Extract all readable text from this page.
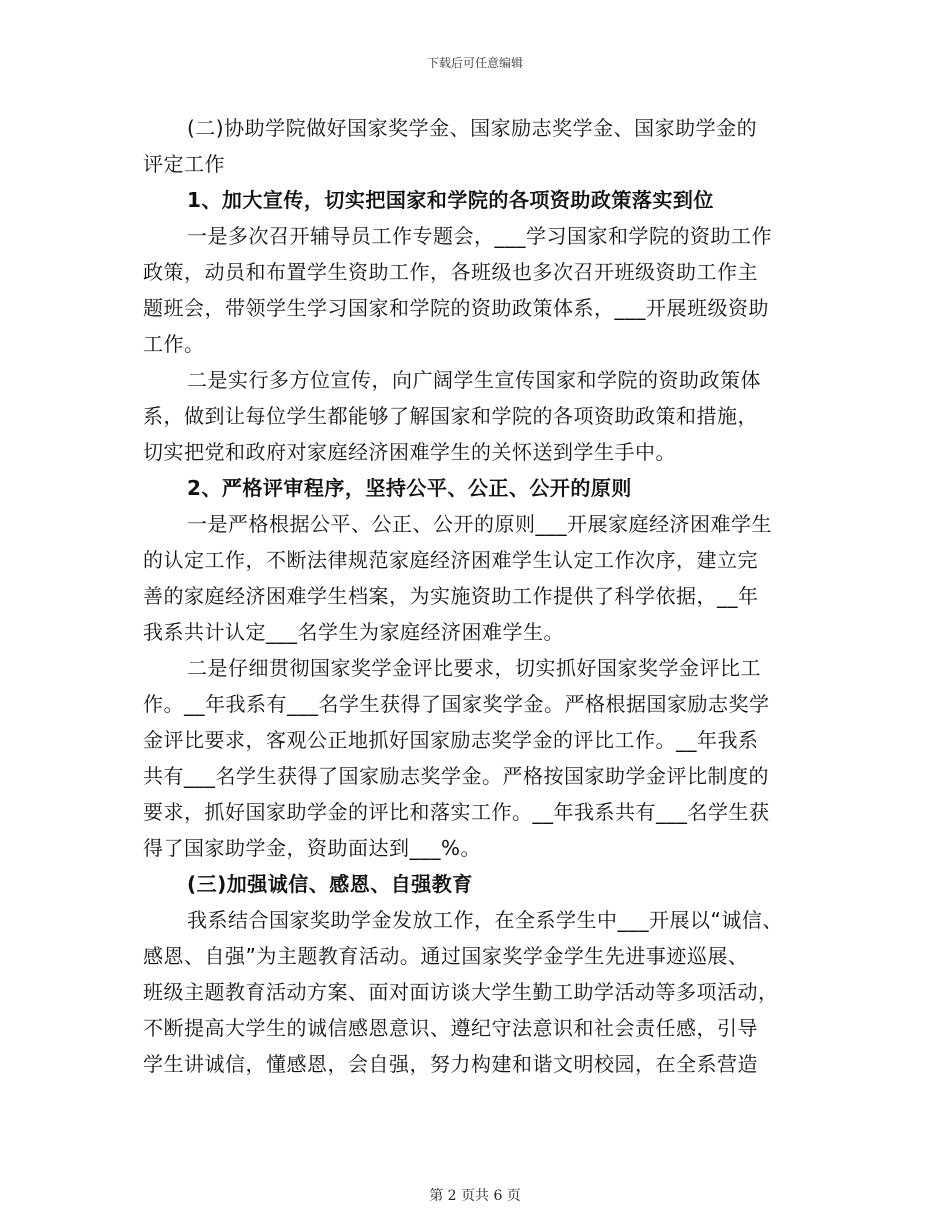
下载后可任意编辑
(二)协助学院做好国家奖学金、国家励志奖学金、国家助学金的
评定工作
1、加大宣传，切实把国家和学院的各项资助政策落实到位
一是多次召开辅导员工作专题会，___学习国家和学院的资助工作
政策，动员和布置学生资助工作，各班级也多次召开班级资助工作主
题班会，带领学生学习国家和学院的资助政策体系，___开展班级资助
工作。
二是实行多方位宣传，向广阔学生宣传国家和学院的资助政策体
系，做到让每位学生都能够了解国家和学院的各项资助政策和措施，
切实把党和政府对家庭经济困难学生的关怀送到学生手中。
2、严格评审程序，坚持公平、公正、公开的原则
一是严格根据公平、公正、公开的原则___开展家庭经济困难学生
的认定工作，不断法律规范家庭经济困难学生认定工作次序，建立完
善的家庭经济困难学生档案，为实施资助工作提供了科学依据，__年
我系共计认定___名学生为家庭经济困难学生。
二是仔细贯彻国家奖学金评比要求，切实抓好国家奖学金评比工
作。__年我系有___名学生获得了国家奖学金。严格根据国家励志奖学
金评比要求，客观公正地抓好国家励志奖学金的评比工作。__年我系
共有___名学生获得了国家励志奖学金。严格按国家助学金评比制度的
要求，抓好国家助学金的评比和落实工作。__年我系共有___名学生获
得了国家助学金，资助面达到___%。
(三)加强诚信、感恩、自强教育
我系结合国家奖助学金发放工作，在全系学生中___开展以“诚信、
感恩、自强”为主题教育活动。通过国家奖学金学生先进事迹巡展、
班级主题教育活动方案、面对面访谈大学生勤工助学活动等多项活动，
不断提高大学生的诚信感恩意识、遵纪守法意识和社会责任感，引导
学生讲诚信，懂感恩，会自强，努力构建和谐文明校园，在全系营造
第 2 页共 6 页
